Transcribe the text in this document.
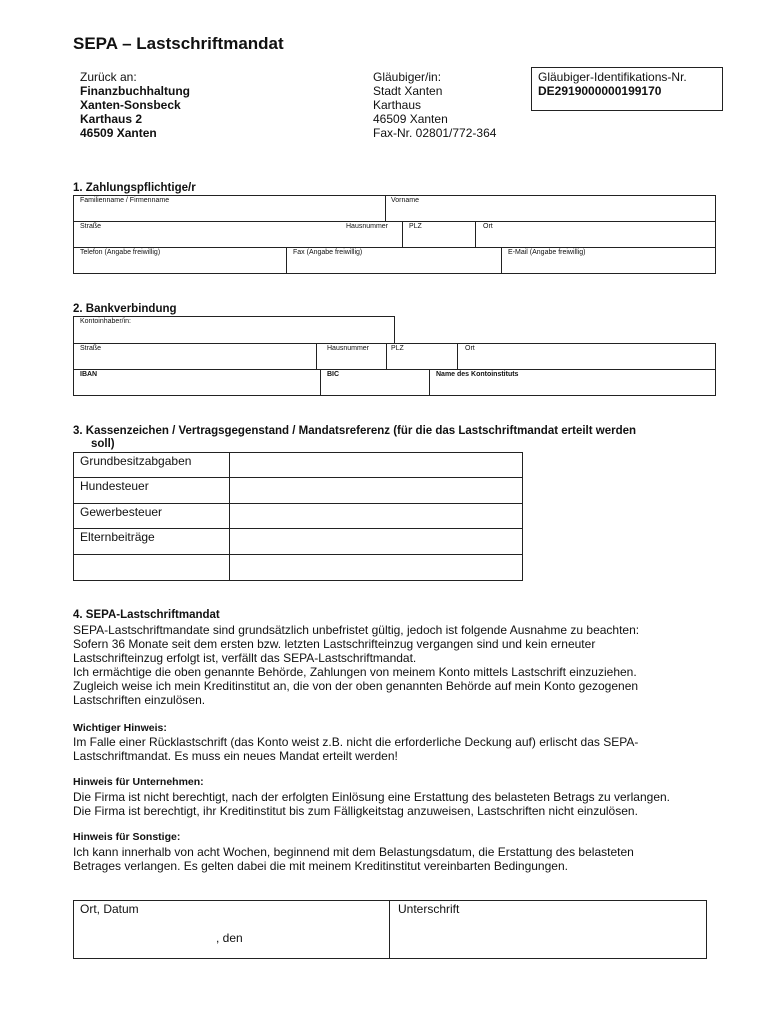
SEPA – Lastschriftmandat
Zurück an:
Finanzbuchhaltung
Xanten-Sonsbeck
Karthaus 2
46509 Xanten
Gläubiger/in:
Stadt Xanten
Karthaus
46509 Xanten
Fax-Nr. 02801/772-364
Gläubiger-Identifikations-Nr.
DE2919000000199170
1. Zahlungspflichtige/r
Familienname / Firmenname	Vorname
Straße	Hausnummer	PLZ	Ort
Telefon (Angabe freiwillig)	Fax (Angabe freiwillig)	E-Mail (Angabe freiwillig)
2. Bankverbindung
Kontoinhaber/in:
Straße	Hausnummer	PLZ	Ort
IBAN	BIC	Name des Kontoinstituts
3. Kassenzeichen / Vertragsgegenstand / Mandatsreferenz (für die das Lastschriftmandat erteilt werden
soll)
Grundbesitzabgaben
Hundesteuer
Gewerbesteuer
Elternbeiträge
4. SEPA-Lastschriftmandat
SEPA-Lastschriftmandate sind grundsätzlich unbefristet gültig, jedoch ist folgende Ausnahme zu beachten:
Sofern 36 Monate seit dem ersten bzw. letzten Lastschrifteinzug vergangen sind und kein erneuter
Lastschrifteinzug erfolgt ist, verfällt das SEPA-Lastschriftmandat.
Ich ermächtige die oben genannte Behörde, Zahlungen von meinem Konto mittels Lastschrift einzuziehen.
Zugleich weise ich mein Kreditinstitut an, die von der oben genannten Behörde auf mein Konto gezogenen
Lastschriften einzulösen.
Wichtiger Hinweis:
Im Falle einer Rücklastschrift (das Konto weist z.B. nicht die erforderliche Deckung auf) erlischt das SEPA-
Lastschriftmandat. Es muss ein neues Mandat erteilt werden!
Hinweis für Unternehmen:
Die Firma ist nicht berechtigt, nach der erfolgten Einlösung eine Erstattung des belasteten Betrags zu verlangen.
Die Firma ist berechtigt, ihr Kreditinstitut bis zum Fälligkeitstag anzuweisen, Lastschriften nicht einzulösen.
Hinweis für Sonstige:
Ich kann innerhalb von acht Wochen, beginnend mit dem Belastungsdatum, die Erstattung des belasteten
Betrages verlangen. Es gelten dabei die mit meinem Kreditinstitut vereinbarten Bedingungen.
Ort, Datum
, den
Unterschrift
